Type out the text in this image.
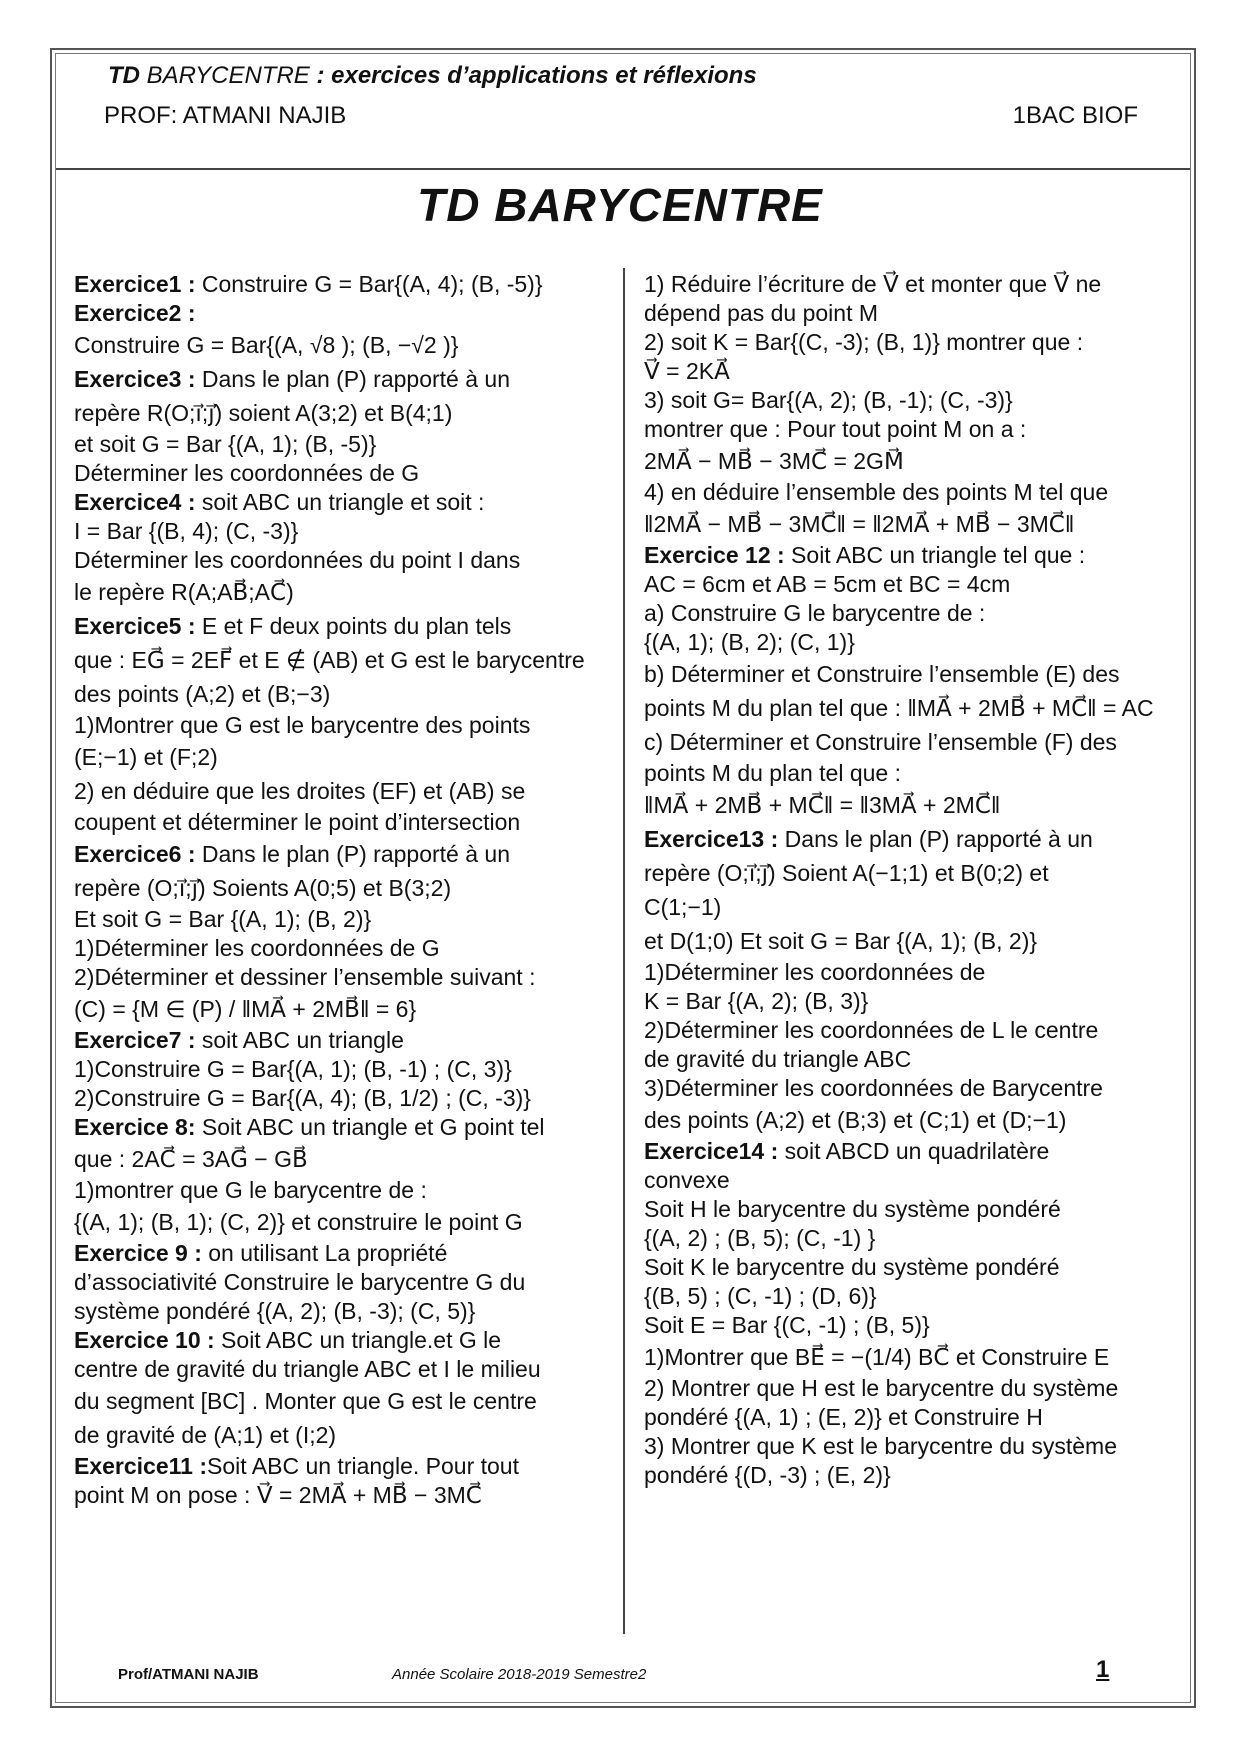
TD BARYCENTRE : exercices d’applications et réflexions
PROF: ATMANI NAJIB	1BAC BIOF
TD BARYCENTRE
Exercice1 : Construire G = Bar{(A, 4); (B, -5)}
Exercice2 :
Construire G = Bar{(A, √8 ); (B, −√2 )}
Exercice3 : Dans le plan (P) rapporté à un
repère R(O;i⃗;j⃗) soient A(3;2) et B(4;1)
et soit G = Bar {(A, 1); (B, -5)}
Déterminer les coordonnées de G
Exercice4 : soit ABC un triangle et soit :
I = Bar {(B, 4); (C, -3)}
Déterminer les coordonnées du point I dans
le repère R(A;AB⃗;AC⃗)
Exercice5 : E et F deux points du plan tels
que : EG⃗ = 2EF⃗ et E ∉ (AB) et G est le barycentre
des points (A;2) et (B;−3)
1)Montrer que G est le barycentre des points
(E;−1) et (F;2)
2) en déduire que les droites (EF) et (AB) se
coupent et déterminer le point d’intersection
Exercice6 : Dans le plan (P) rapporté à un
repère (O;i⃗;j⃗) Soients A(0;5) et B(3;2)
Et soit G = Bar {(A, 1); (B, 2)}
1)Déterminer les coordonnées de G
2)Déterminer et dessiner l’ensemble suivant :
(C) = {M ∈ (P) / ‖MA⃗ + 2MB⃗‖ = 6}
Exercice7 : soit ABC un triangle
1)Construire G = Bar{(A, 1); (B, -1) ; (C, 3)}
2)Construire G = Bar{(A, 4); (B, 1/2) ; (C, -3)}
Exercice 8: Soit ABC un triangle et G point tel
que : 2AC⃗ = 3AG⃗ − GB⃗
1)montrer que G le barycentre de :
{(A, 1); (B, 1); (C, 2)} et construire le point G
Exercice 9 : on utilisant La propriété
d’associativité Construire le barycentre G du
système pondéré {(A, 2); (B, -3); (C, 5)}
Exercice 10 : Soit ABC un triangle.et G le
centre de gravité du triangle ABC et I le milieu
du segment [BC] . Monter que G est le centre
de gravité de (A;1) et (I;2)
Exercice11 :Soit ABC un triangle. Pour tout
point M on pose : V⃗ = 2MA⃗ + MB⃗ − 3MC⃗
1) Réduire l’écriture de V⃗ et monter que V⃗ ne
dépend pas du point M
2) soit K = Bar{(C, -3); (B, 1)} montrer que :
V⃗ = 2KA⃗
3) soit G= Bar{(A, 2); (B, -1); (C, -3)}
montrer que : Pour tout point M on a :
2MA⃗ − MB⃗ − 3MC⃗ = 2GM⃗
4) en déduire l’ensemble des points M tel que
‖2MA⃗ − MB⃗ − 3MC⃗‖ = ‖2MA⃗ + MB⃗ − 3MC⃗‖
Exercice 12 : Soit ABC un triangle tel que :
AC = 6cm et AB = 5cm et BC = 4cm
a) Construire G le barycentre de :
{(A, 1); (B, 2); (C, 1)}
b) Déterminer et Construire l’ensemble (E) des
points M du plan tel que : ‖MA⃗ + 2MB⃗ + MC⃗‖ = AC
c) Déterminer et Construire l’ensemble (F) des
points M du plan tel que :
‖MA⃗ + 2MB⃗ + MC⃗‖ = ‖3MA⃗ + 2MC⃗‖
Exercice13 : Dans le plan (P) rapporté à un
repère (O;i⃗;j⃗) Soient A(−1;1) et B(0;2) et
C(1;−1)
et D(1;0) Et soit G = Bar {(A, 1); (B, 2)}
1)Déterminer les coordonnées de
K = Bar {(A, 2); (B, 3)}
2)Déterminer les coordonnées de L le centre
de gravité du triangle ABC
3)Déterminer les coordonnées de Barycentre
des points (A;2) et (B;3) et (C;1) et (D;−1)
Exercice14 : soit ABCD un quadrilatère
convexe
Soit H le barycentre du système pondéré
{(A, 2) ; (B, 5); (C, -1) }
Soit K le barycentre du système pondéré
{(B, 5) ; (C, -1) ; (D, 6)}
Soit E = Bar {(C, -1) ; (B, 5)}
1)Montrer que BE⃗ = −(1/4) BC⃗ et Construire E
2) Montrer que H est le barycentre du système
pondéré {(A, 1) ; (E, 2)} et Construire H
3) Montrer que K est le barycentre du système
pondéré {(D, -3) ; (E, 2)}
Prof/ATMANI NAJIB	Année Scolaire 2018-2019 Semestre2	1
